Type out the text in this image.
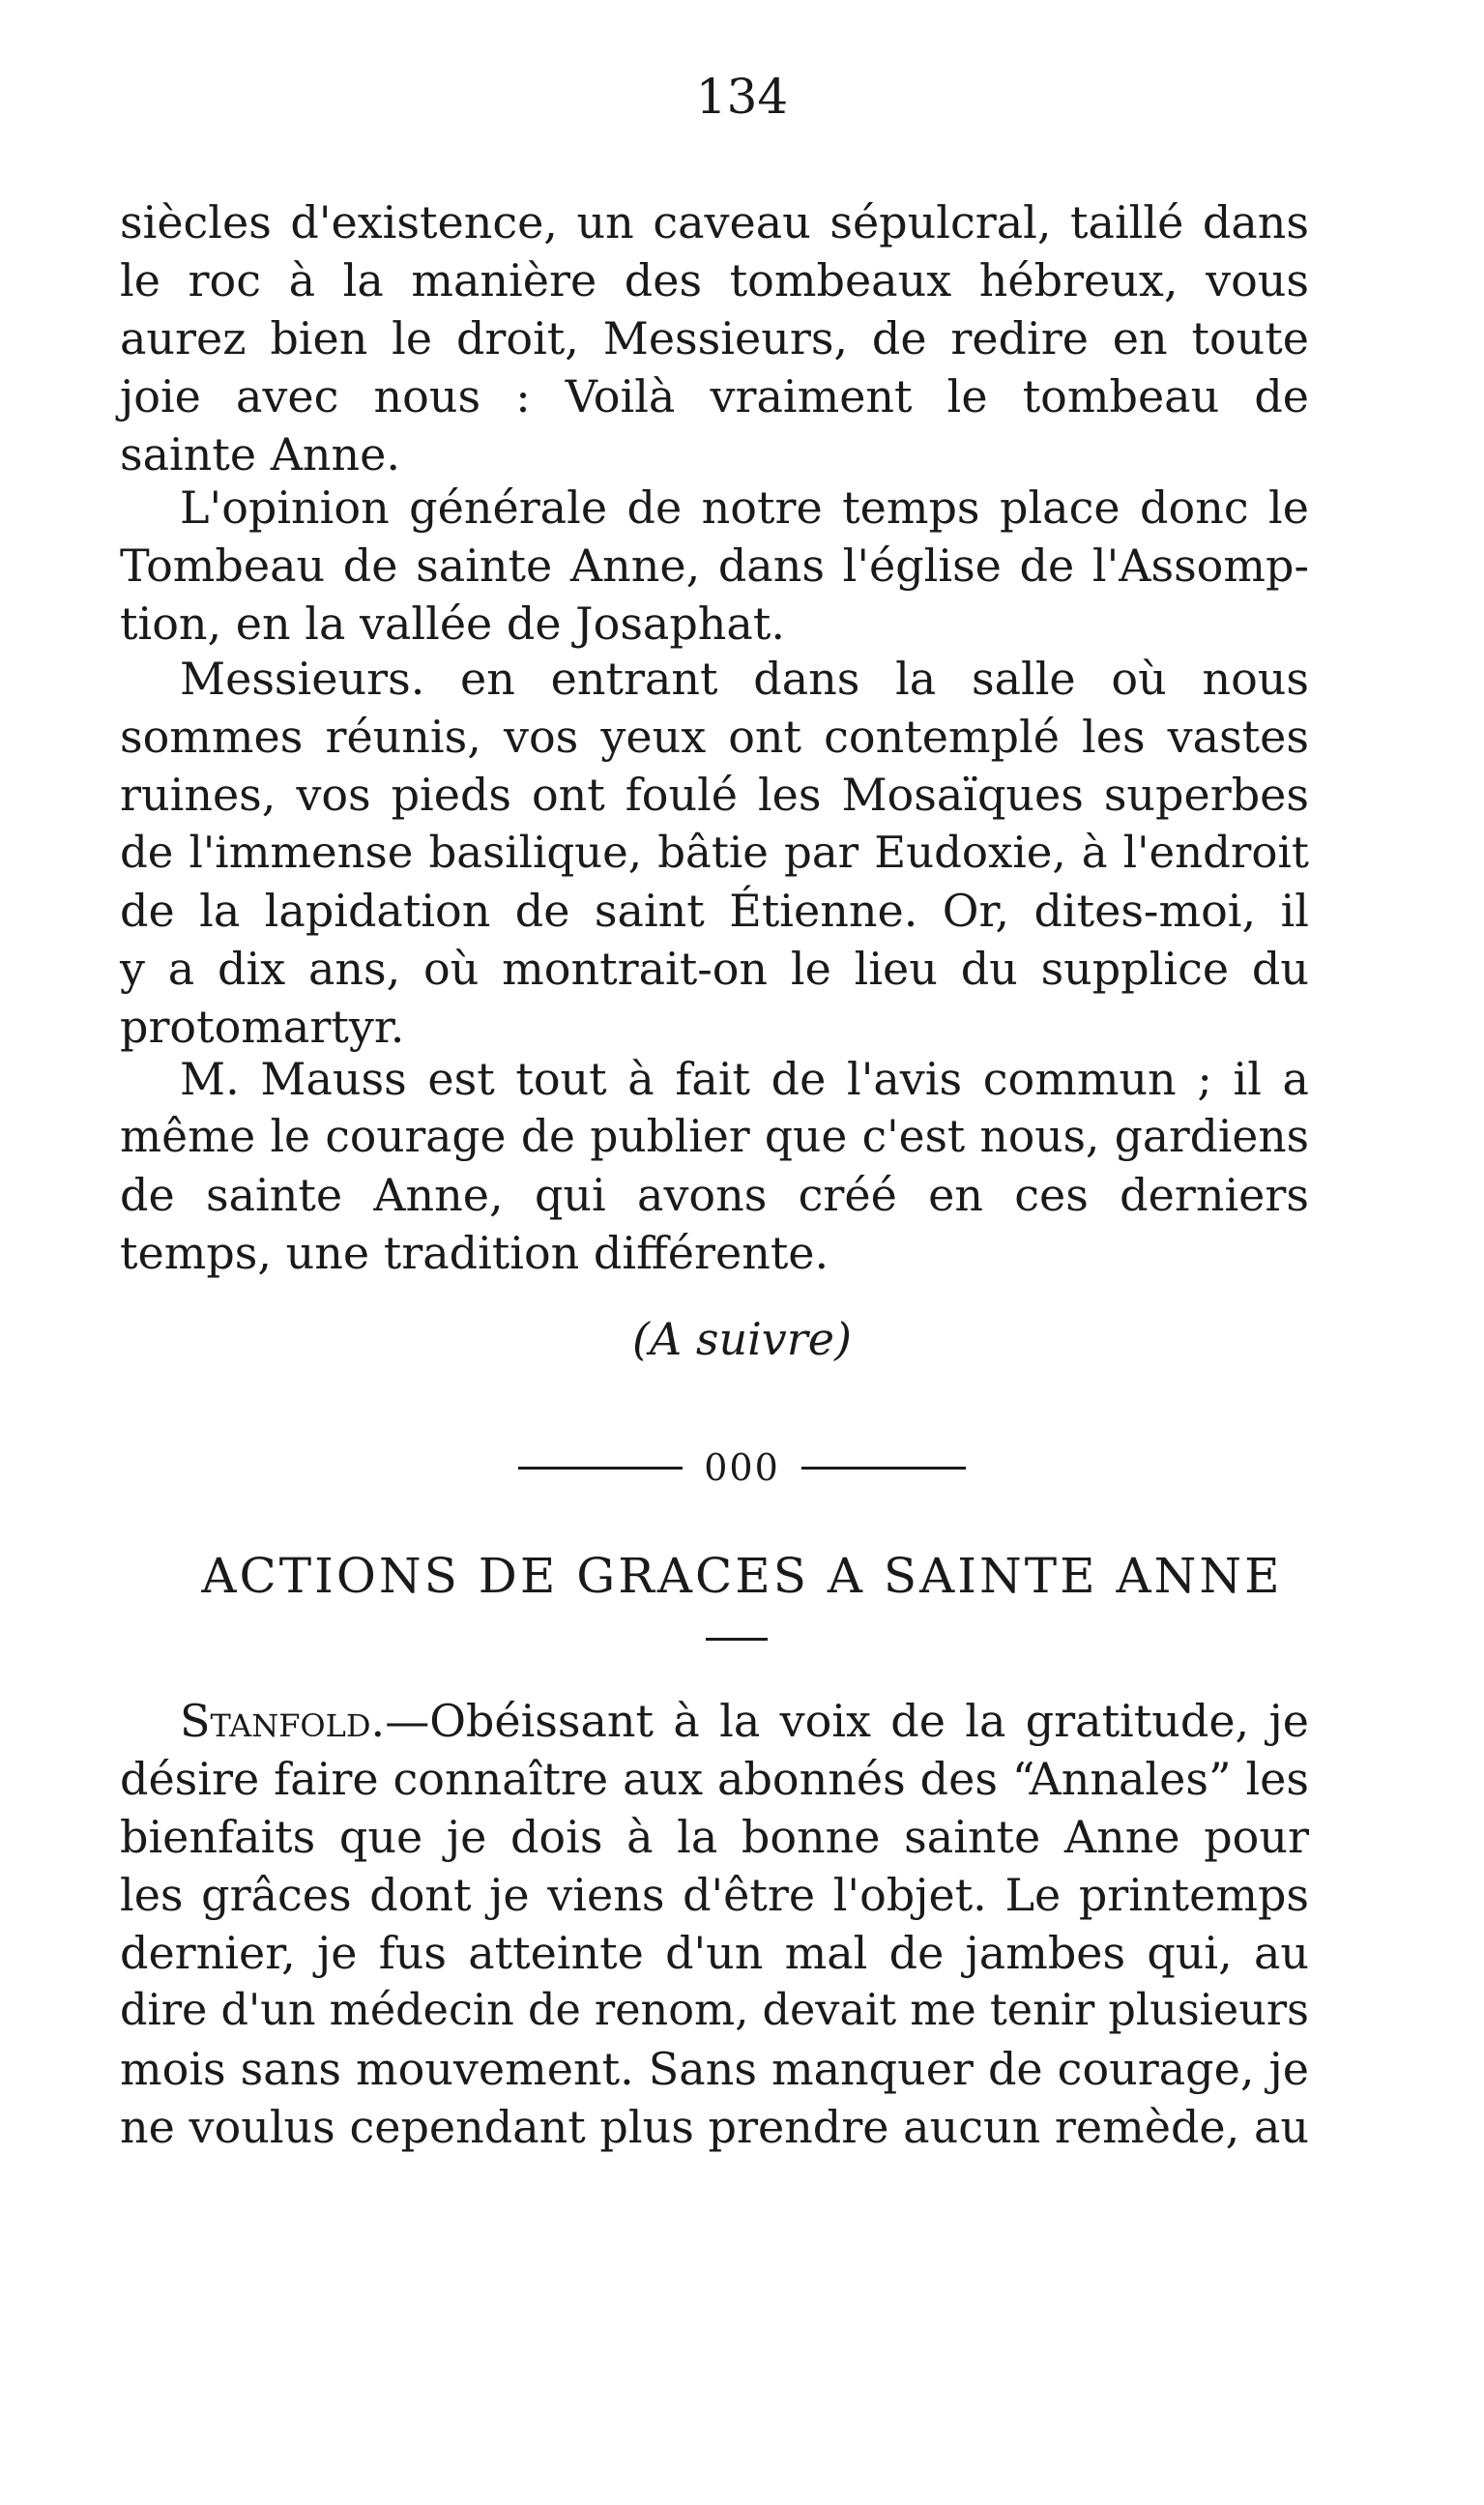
134
siècles d'existence, un caveau sépulcral, taillé dans
le roc à la manière des tombeaux hébreux, vous
aurez bien le droit, Messieurs, de redire en toute
joie avec nous : Voilà vraiment le tombeau de
sainte Anne.
L'opinion générale de notre temps place donc le
Tombeau de sainte Anne, dans l'église de l'Assomp-
tion, en la vallée de Josaphat.
Messieurs. en entrant dans la salle où nous
sommes réunis, vos yeux ont contemplé les vastes
ruines, vos pieds ont foulé les Mosaïques superbes
de l'immense basilique, bâtie par Eudoxie, à l'endroit
de la lapidation de saint Étienne. Or, dites-moi, il
y a dix ans, où montrait-on le lieu du supplice du
protomartyr.
M. Mauss est tout à fait de l'avis commun ; il a
même le courage de publier que c'est nous, gardiens
de sainte Anne, qui avons créé en ces derniers
temps, une tradition différente.
(A suivre)
000
ACTIONS DE GRACES A SAINTE ANNE
Stanfold.—Obéissant à la voix de la gratitude, je
désire faire connaître aux abonnés des “Annales” les
bienfaits que je dois à la bonne sainte Anne pour
les grâces dont je viens d'être l'objet. Le printemps
dernier, je fus atteinte d'un mal de jambes qui, au
dire d'un médecin de renom, devait me tenir plusieurs
mois sans mouvement. Sans manquer de courage, je
ne voulus cependant plus prendre aucun remède, au
